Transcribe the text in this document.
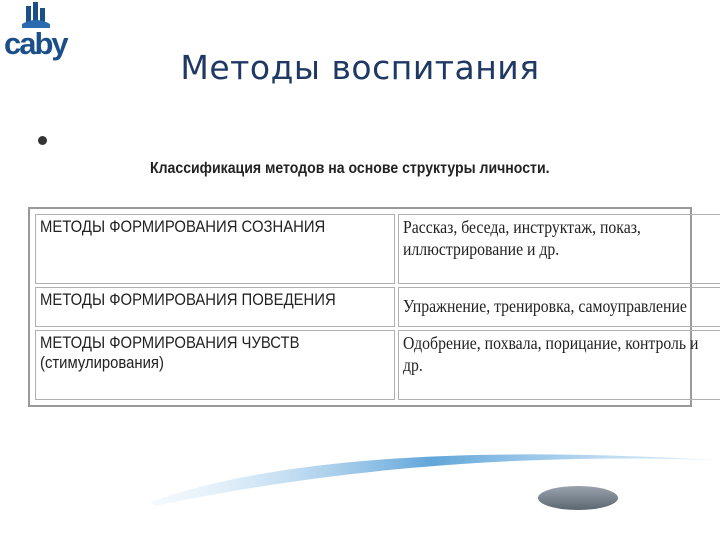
caby
Методы воспитания
Классификация методов на основе структуры личности.
МЕТОДЫ ФОРМИРОВАНИЯ СОЗНАНИЯ	Рассказ, беседа, инструктаж, показ, иллюстрирование и др.
МЕТОДЫ ФОРМИРОВАНИЯ ПОВЕДЕНИЯ	Упражнение, тренировка, самоуправление
МЕТОДЫ ФОРМИРОВАНИЯ ЧУВСТВ (стимулирования)	Одобрение, похвала, порицание, контроль и др.
